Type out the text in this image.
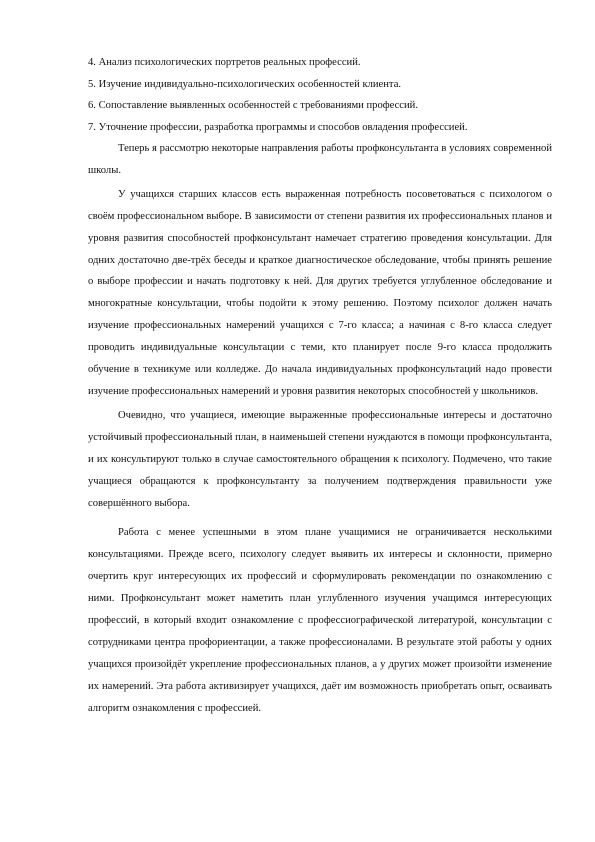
4. Анализ психологических портретов реальных профессий.

5. Изучение индивидуально-психологических особенностей клиента.

6. Сопоставление выявленных особенностей с требованиями профессий.

7. Уточнение профессии, разработка программы и способов овладения профессией.

Теперь я рассмотрю некоторые направления работы профконсультанта в условиях современной школы.

У учащихся старших классов есть выраженная потребность посоветоваться с психологом о своём профессиональном выборе. В зависимости от степени развития их профессиональных планов и уровня развития способностей профконсультант намечает стратегию проведения консультации. Для одних достаточно двe-трёх беседы и краткое диагностическое обследование, чтобы принять решение о выборе профессии и начать подготовку к ней. Для других требуется углубленное обследование и многократные консультации, чтобы подойти к этому решению. Поэтому психолог должен начать изучение профессиональных намерений учащихся с 7-го класса; а начиная с 8-го класса следует проводить индивидуальные консультации с теми, кто планирует после 9-го класса продолжить обучение в техникуме или колледже. До начала индивидуальных профконсультаций надо провести изучение профессиональных намерений и уровня развития некоторых способностей у школьников.

Очевидно, что учащиеся, имеющие выраженные профессиональные интересы и достаточно устойчивый профессиональный план, в наименьшей степени нуждаются в помощи профконсультанта, и их консультируют только в случае самостоятельного обращения к психологу. Подмечено, что такие учащиеся обращаются к профконсультанту за получением подтверждения правильности уже совершённого выбора.

Работа с менее успешными в этом плане учащимися не ограничивается несколькими консультациями. Прежде всего, психологу следует выявить их интересы и склонности, примерно очертить круг интересующих их профессий и сформулировать рекомендации по ознакомлению с ними. Профконсультант может наметить план углубленного изучения учащимся интересующих профессий, в который входит ознакомление с профессиографической литературой, консультации с сотрудниками центра профориентации, а также профессионалами. В результате этой работы у одних учащихся произойдёт укрепление профессиональных планов, а у других может произойти изменение их намерений. Эта работа активизирует учащихся, даёт им возможность приобретать опыт, осваивать алгоритм ознакомления с профессией.
